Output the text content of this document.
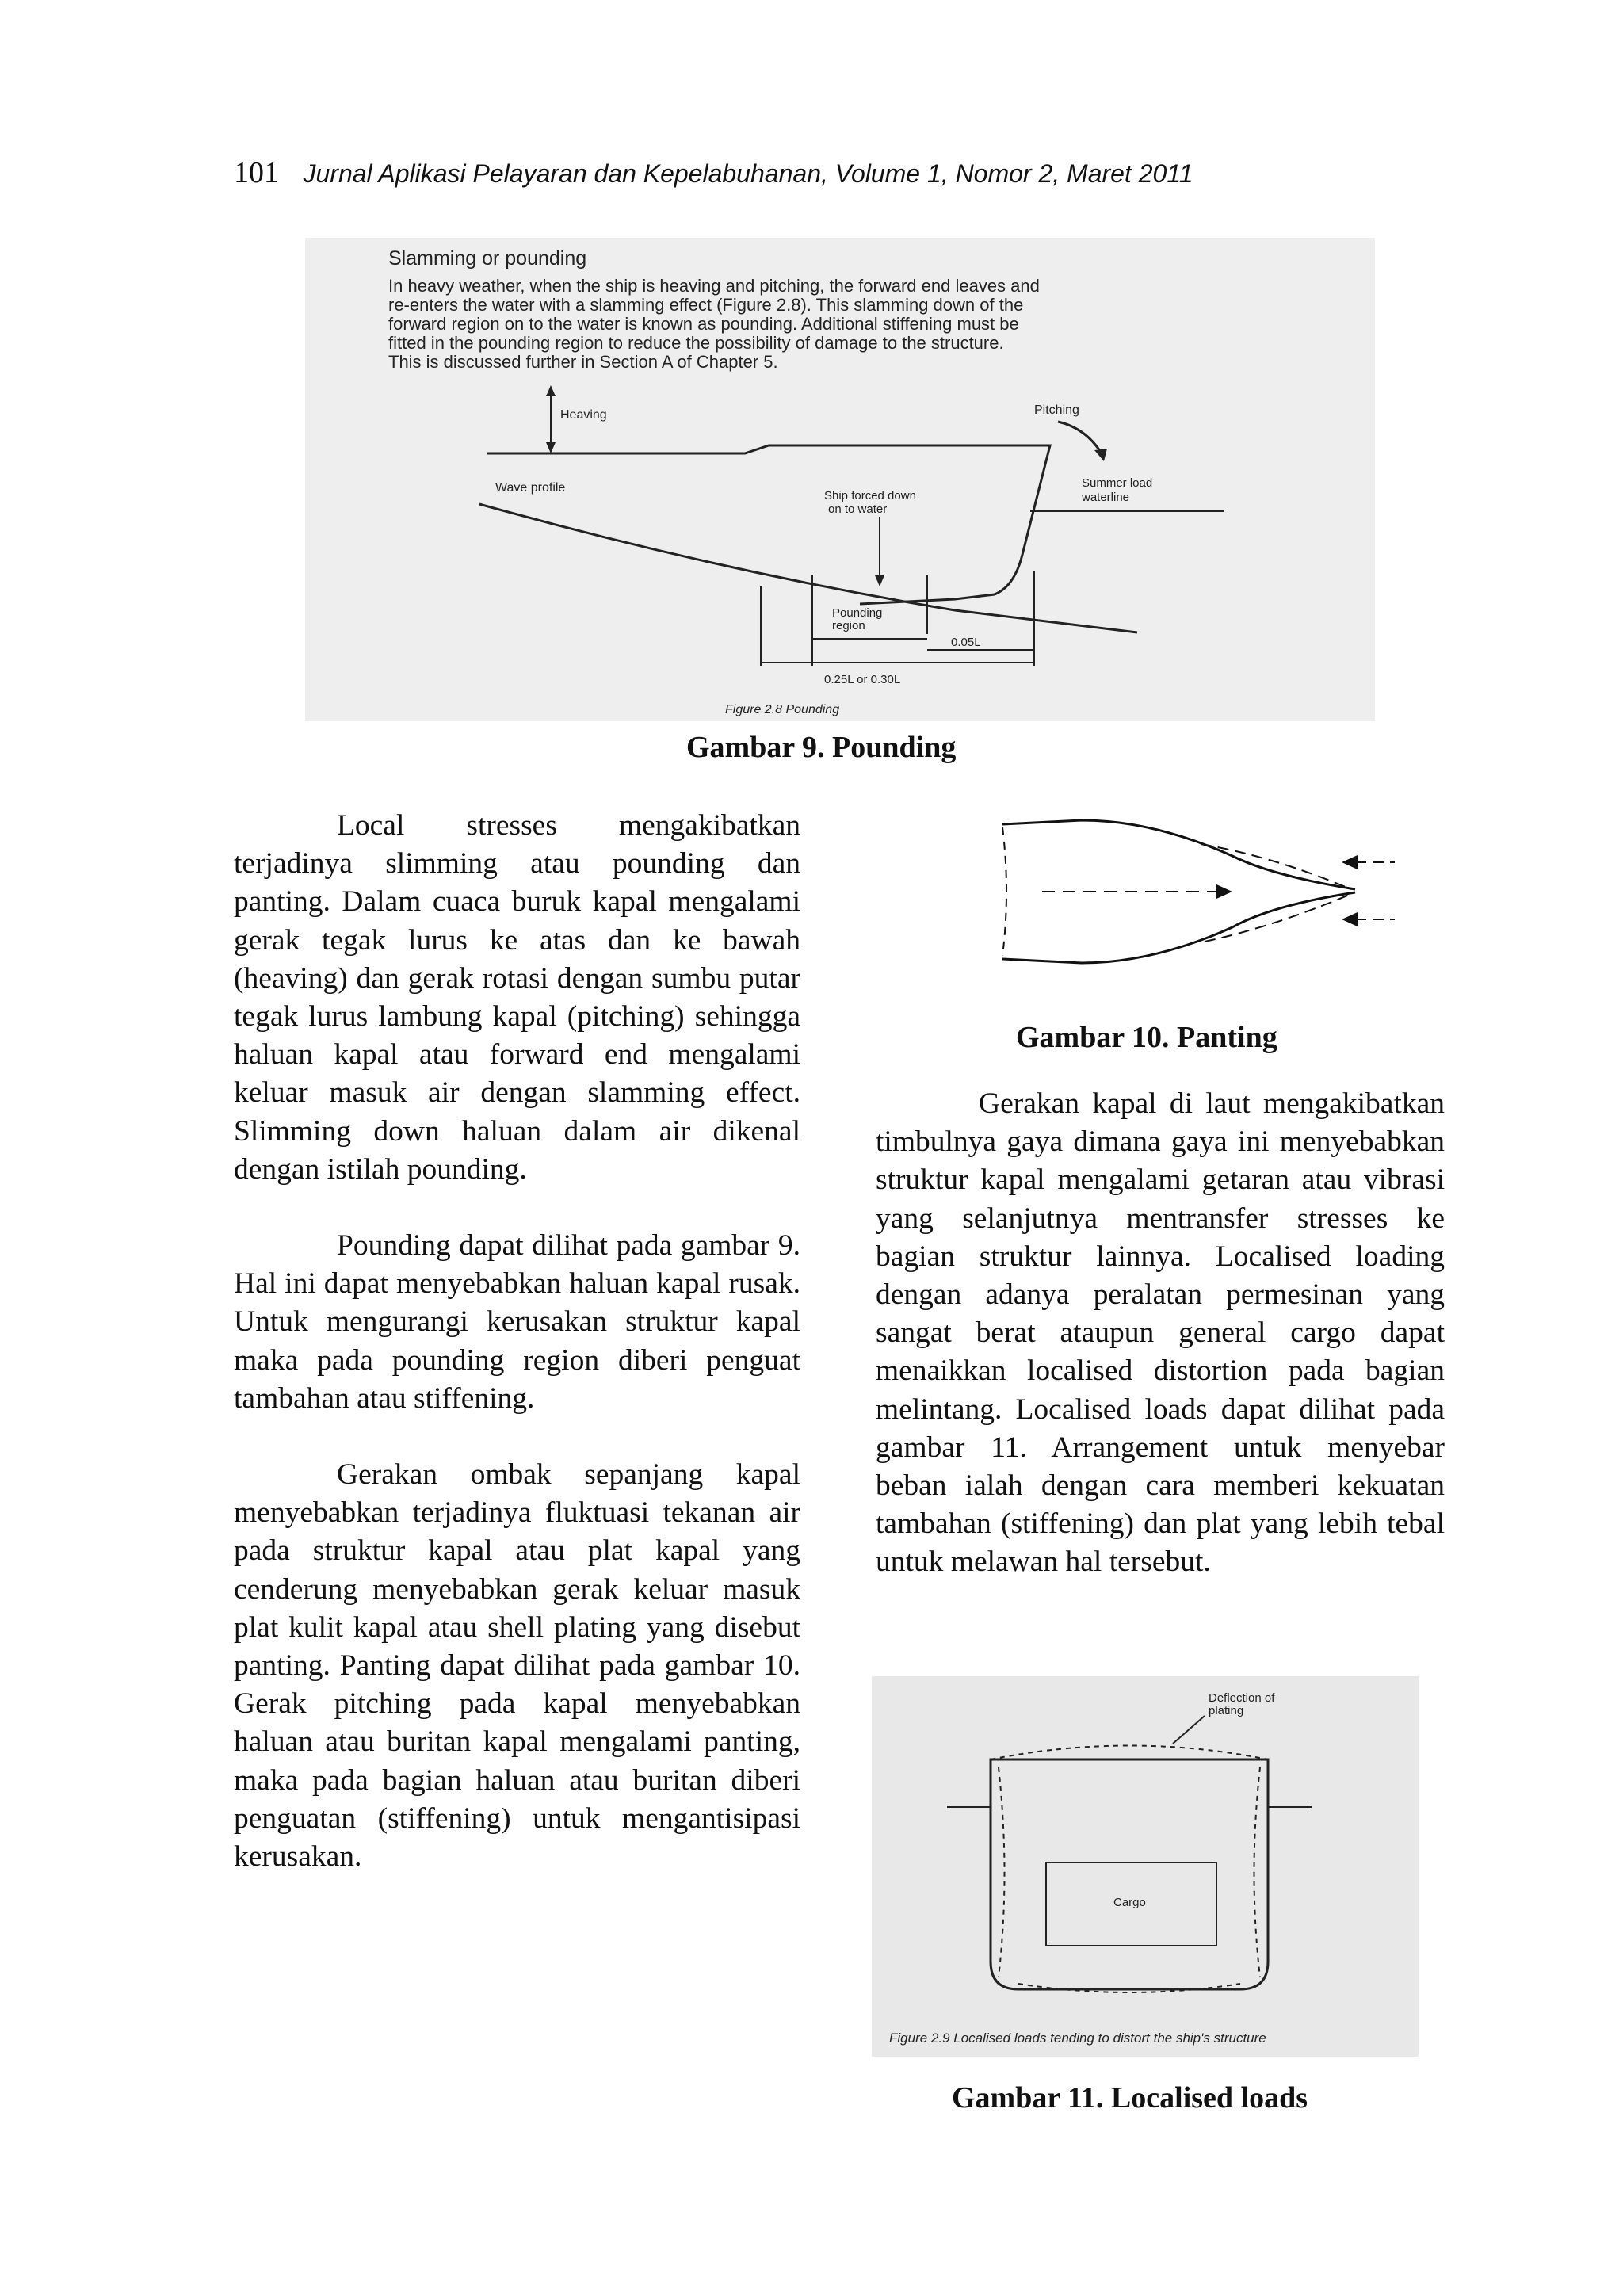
101 Jurnal Aplikasi Pelayaran dan Kepelabuhanan, Volume 1, Nomor 2, Maret 2011
Slamming or pounding
In heavy weather, when the ship is heaving and pitching, the forward end leaves and
re-enters the water with a slamming effect (Figure 2.8). This slamming down of the
forward region on to the water is known as pounding. Additional stiffening must be
fitted in the pounding region to reduce the possibility of damage to the structure.
This is discussed further in Section A of Chapter 5.
Heaving	Pitching
Wave profile	Summer load
waterline
Ship forced down
on to water
Pounding
region
0.05L
0.25L or 0.30L
Figure 2.8 Pounding
Gambar 9. Pounding

Local stresses mengakibatkan terjadinya slimming atau pounding dan panting. Dalam cuaca buruk kapal mengalami gerak tegak lurus ke atas dan ke bawah (heaving) dan gerak rotasi dengan sumbu putar tegak lurus lambung kapal (pitching) sehingga haluan kapal atau forward end mengalami keluar masuk air dengan slamming effect. Slimming down haluan dalam air dikenal dengan istilah pounding.

Pounding dapat dilihat pada gambar 9. Hal ini dapat menyebabkan haluan kapal rusak. Untuk mengurangi kerusakan struktur kapal maka pada pounding region diberi penguat tambahan atau stiffening.

Gerakan ombak sepanjang kapal menyebabkan terjadinya fluktuasi tekanan air pada struktur kapal atau plat kapal yang cenderung menyebabkan gerak keluar masuk plat kulit kapal atau shell plating yang disebut panting. Panting dapat dilihat pada gambar 10. Gerak pitching pada kapal menyebabkan haluan atau buritan kapal mengalami panting, maka pada bagian haluan atau buritan diberi penguatan (stiffening) untuk mengantisipasi kerusakan.

Gambar 10. Panting

Gerakan kapal di laut mengakibatkan timbulnya gaya dimana gaya ini menyebabkan struktur kapal mengalami getaran atau vibrasi yang selanjutnya mentransfer stresses ke bagian struktur lainnya. Localised loading dengan adanya peralatan permesinan yang sangat berat ataupun general cargo dapat menaikkan localised distortion pada bagian melintang. Localised loads dapat dilihat pada gambar 11. Arrangement untuk menyebar beban ialah dengan cara memberi kekuatan tambahan (stiffening) dan plat yang lebih tebal untuk melawan hal tersebut.

Deflection of
plating
Cargo
Figure 2.9 Localised loads tending to distort the ship's structure
Gambar 11. Localised loads
